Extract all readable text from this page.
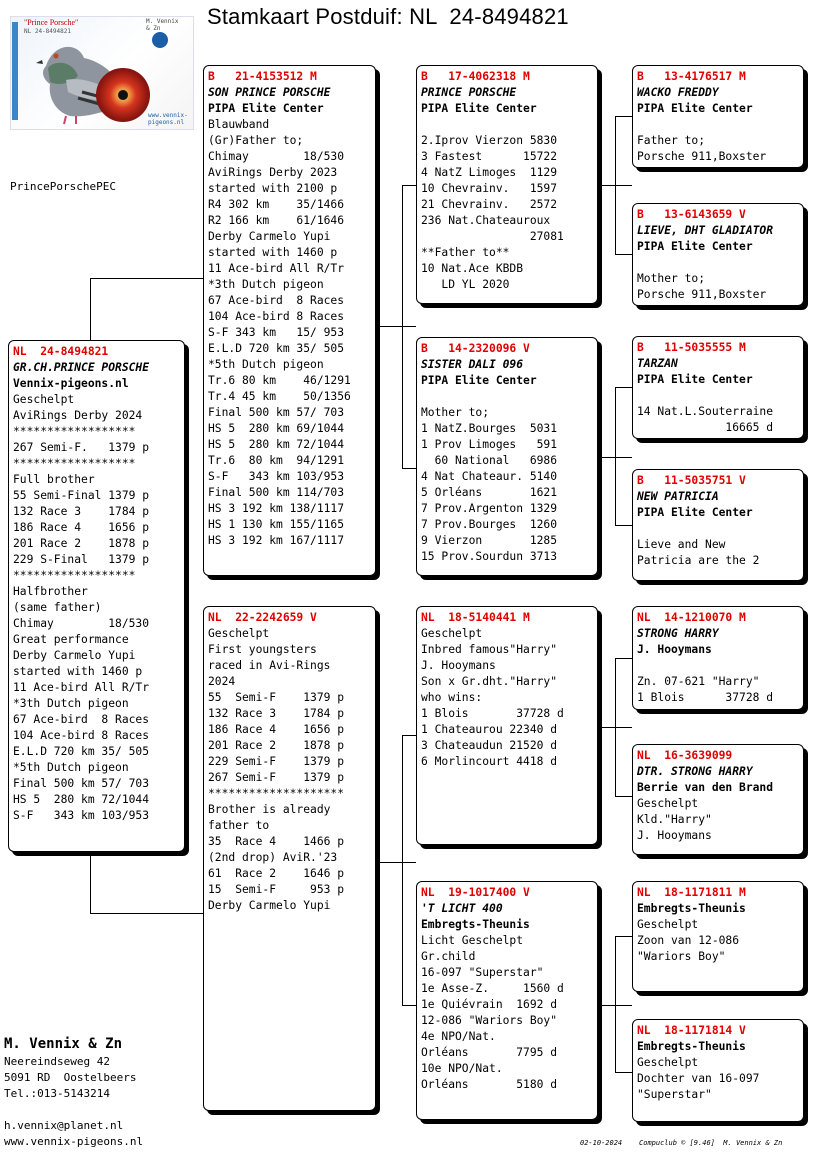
Stamkaart Postduif: NL  24-8494821
"Prince Porsche"
NL 24-8494821
M. Vennix
& Zn
www.vennix-pigeons.nl
PrincePorschePEC
NL  24-8494821
GR.CH.PRINCE PORSCHE
Vennix-pigeons.nl
Geschelpt
AviRings Derby 2024
******************
267 Semi-F.   1379 p
******************
Full brother
55 Semi-Final 1379 p
132 Race 3    1784 p
186 Race 4    1656 p
201 Race 2    1878 p
229 S-Final   1379 p
******************
Halfbrother
(same father)
Chimay        18/530
Great performance
Derby Carmelo Yupi
started with 1460 p
11 Ace-bird All R/Tr
*3th Dutch pigeon
67 Ace-bird  8 Races
104 Ace-bird 8 Races
E.L.D 720 km 35/ 505
*5th Dutch pigeon
Final 500 km 57/ 703
HS 5  280 km 72/1044
S-F   343 km 103/953
B   21-4153512 M
SON PRINCE PORSCHE
PIPA Elite Center
Blauwband
(Gr)Father to;
Chimay        18/530
AviRings Derby 2023
started with 2100 p
R4 302 km    35/1466
R2 166 km    61/1646
Derby Carmelo Yupi
started with 1460 p
11 Ace-bird All R/Tr
*3th Dutch pigeon
67 Ace-bird  8 Races
104 Ace-bird 8 Races
S-F 343 km   15/ 953
E.L.D 720 km 35/ 505
*5th Dutch pigeon
Tr.6 80 km    46/1291
Tr.4 45 km    50/1356
Final 500 km 57/ 703
HS 5  280 km 69/1044
HS 5  280 km 72/1044
Tr.6  80 km  94/1291
S-F   343 km 103/953
Final 500 km 114/703
HS 3 192 km 138/1117
HS 1 130 km 155/1165
HS 3 192 km 167/1117
NL  22-2242659 V
Geschelpt
First youngsters
raced in Avi-Rings
2024
55  Semi-F    1379 p
132 Race 3    1784 p
186 Race 4    1656 p
201 Race 2    1878 p
229 Semi-F    1379 p
267 Semi-F    1379 p
********************
Brother is already
father to
35  Race 4    1466 p
(2nd drop) AviR.'23
61  Race 2    1646 p
15  Semi-F     953 p
Derby Carmelo Yupi
B   17-4062318 M
PRINCE PORSCHE
PIPA Elite Center
2.Iprov Vierzon 5830
3 Fastest      15722
4 NatZ Limoges  1129
10 Chevrainv.   1597
21 Chevrainv.   2572
236 Nat.Chateauroux
27081
**Father to**
10 Nat.Ace KBDB
LD YL 2020
B   14-2320096 V
SISTER DALI 096
PIPA Elite Center
Mother to;
1 NatZ.Bourges  5031
1 Prov Limoges   591
60 National   6986
4 Nat Chateaur. 5140
5 Orléans       1621
7 Prov.Argenton 1329
7 Prov.Bourges  1260
9 Vierzon       1285
15 Prov.Sourdun 3713
NL  18-5140441 M
Geschelpt
Inbred famous"Harry"
J. Hooymans
Son x Gr.dht."Harry"
who wins:
1 Blois       37728 d
1 Chateaurou 22340 d
3 Chateaudun 21520 d
6 Morlincourt 4418 d
NL  19-1017400 V
'T LICHT 400
Embregts-Theunis
Licht Geschelpt
Gr.child
16-097 "Superstar"
1e Asse-Z.     1560 d
1e Quiévrain  1692 d
12-086 "Wariors Boy"
4e NPO/Nat.
Orléans       7795 d
10e NPO/Nat.
Orléans       5180 d
B   13-4176517 M
WACKO FREDDY
PIPA Elite Center
Father to;
Porsche 911,Boxster
B   13-6143659 V
LIEVE, DHT GLADIATOR
PIPA Elite Center
Mother to;
Porsche 911,Boxster
B   11-5035555 M
TARZAN
PIPA Elite Center
14 Nat.L.Souterraine
16665 d
B   11-5035751 V
NEW PATRICIA
PIPA Elite Center
Lieve and New
Patricia are the 2
NL  14-1210070 M
STRONG HARRY
J. Hooymans
Zn. 07-621 "Harry"
1 Blois      37728 d
NL  16-3639099
DTR. STRONG HARRY
Berrie van den Brand
Geschelpt
Kld."Harry"
J. Hooymans
NL  18-1171811 M
Embregts-Theunis
Geschelpt
Zoon van 12-086
"Wariors Boy"
NL  18-1171814 V
Embregts-Theunis
Geschelpt
Dochter van 16-097
"Superstar"
M. Vennix & Zn
Neereindseweg 42
5091 RD  Oostelbeers
Tel.:013-5143214
h.vennix@planet.nl
www.vennix-pigeons.nl	02-10-2024 Compuclub © [9.46]  M. Vennix & Zn
